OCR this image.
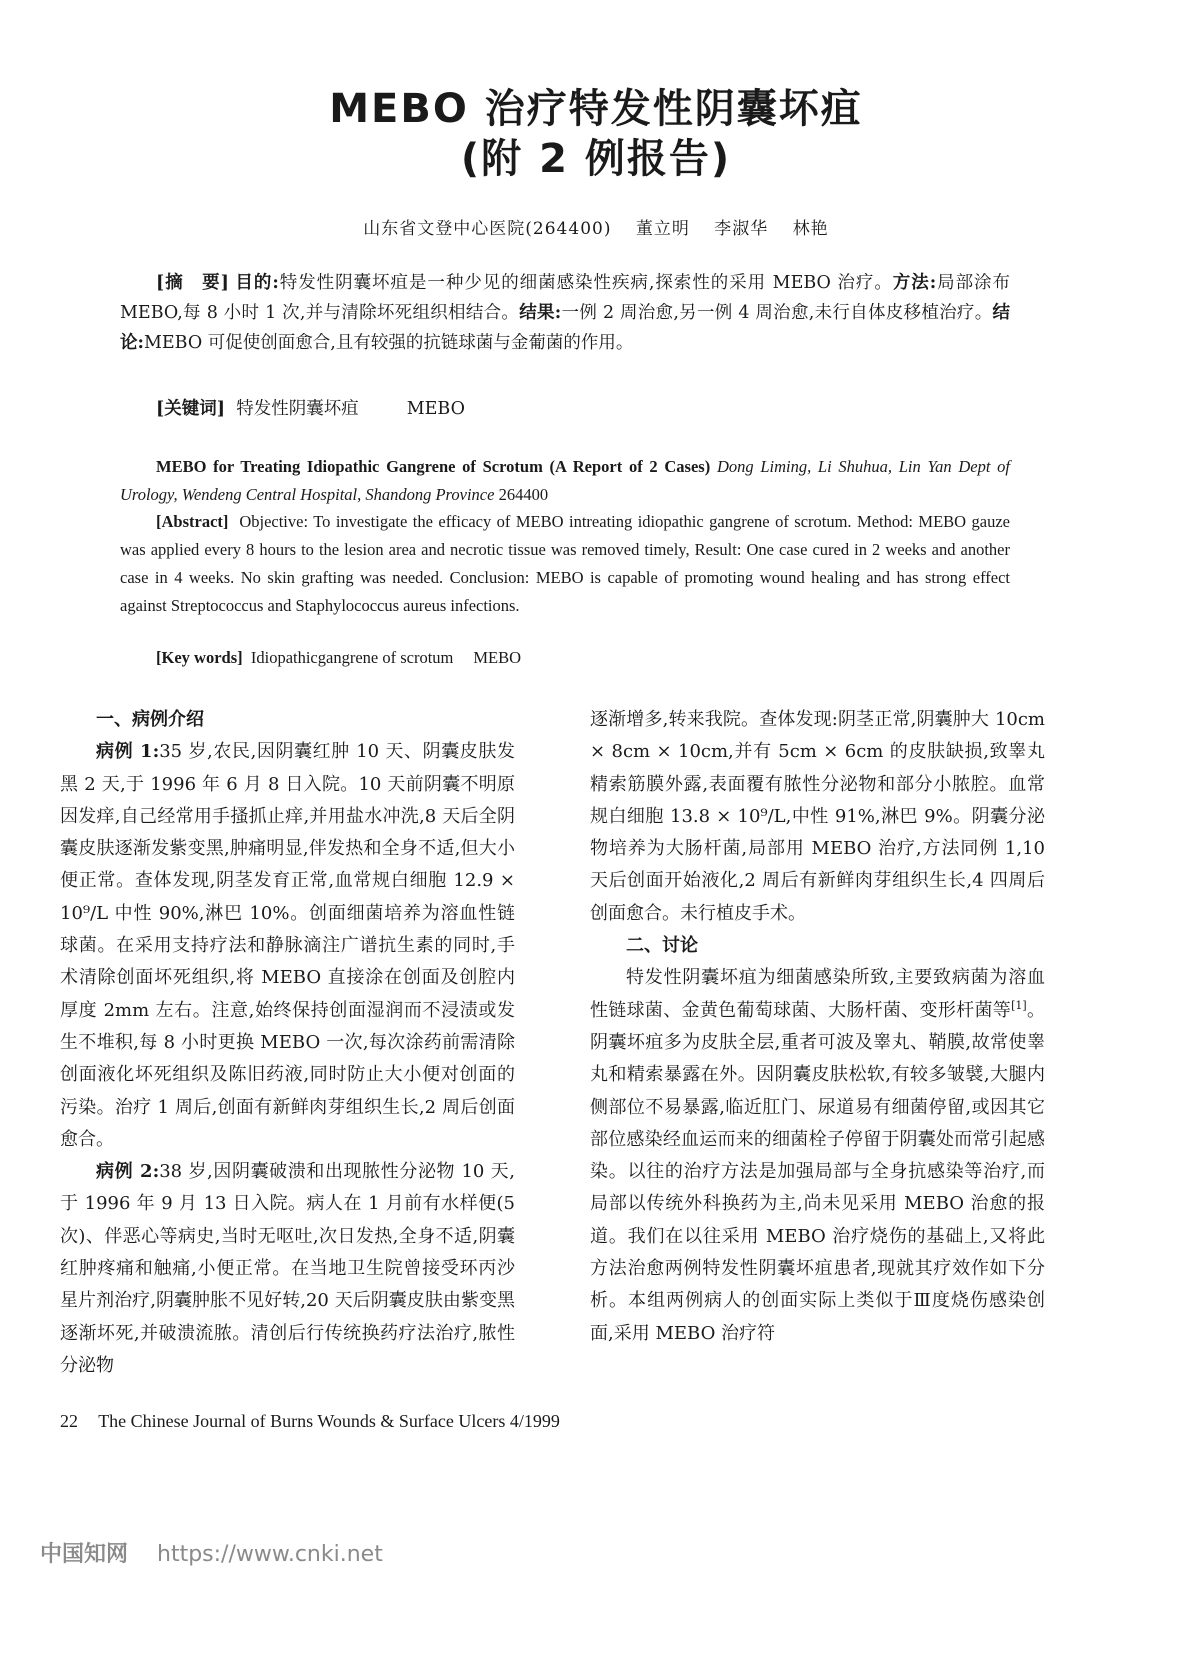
MEBO 治疗特发性阴囊坏疽
(附 2 例报告)
山东省文登中心医院(264400) 董立明 李淑华 林艳
[摘　要] 目的:特发性阴囊坏疽是一种少见的细菌感染性疾病,探索性的采用 MEBO 治疗。方法:局部涂布 MEBO,每 8 小时 1 次,并与清除坏死组织相结合。结果:一例 2 周治愈,另一例 4 周治愈,未行自体皮移植治疗。结论:MEBO 可促使创面愈合,且有较强的抗链球菌与金葡菌的作用。
[关键词] 特发性阴囊坏疽	MEBO
MEBO for Treating Idiopathic Gangrene of Scrotum (A Report of 2 Cases) Dong Liming, Li Shuhua, Lin Yan Dept of Urology, Wendeng Central Hospital, Shandong Province 264400
[Abstract] Objective: To investigate the efficacy of MEBO intreating idiopathic gangrene of scrotum. Method: MEBO gauze was applied every 8 hours to the lesion area and necrotic tissue was removed timely, Result: One case cured in 2 weeks and another case in 4 weeks. No skin grafting was needed. Conclusion: MEBO is capable of promoting wound healing and has strong effect against Streptococcus and Staphylococcus aureus infections.
[Key words] Idiopathicgangrene of scrotum MEBO
一、病例介绍

病例 1:35 岁,农民,因阴囊红肿 10 天、阴囊皮肤发黑 2 天,于 1996 年 6 月 8 日入院。10 天前阴囊不明原因发痒,自己经常用手搔抓止痒,并用盐水冲洗,8 天后全阴囊皮肤逐渐发紫变黑,肿痛明显,伴发热和全身不适,但大小便正常。查体发现,阴茎发育正常,血常规白细胞 12.9 × 10⁹/L 中性 90%,淋巴 10%。创面细菌培养为溶血性链球菌。在采用支持疗法和静脉滴注广谱抗生素的同时,手术清除创面坏死组织,将 MEBO 直接涂在创面及创腔内厚度 2mm 左右。注意,始终保持创面湿润而不浸渍或发生不堆积,每 8 小时更换 MEBO 一次,每次涂药前需清除创面液化坏死组织及陈旧药液,同时防止大小便对创面的污染。治疗 1 周后,创面有新鲜肉芽组织生长,2 周后创面愈合。

病例 2:38 岁,因阴囊破溃和出现脓性分泌物 10 天,于 1996 年 9 月 13 日入院。病人在 1 月前有水样便(5 次)、伴恶心等病史,当时无呕吐,次日发热,全身不适,阴囊红肿疼痛和触痛,小便正常。在当地卫生院曾接受环丙沙星片剂治疗,阴囊肿胀不见好转,20 天后阴囊皮肤由紫变黑逐渐坏死,并破溃流脓。清创后行传统换药疗法治疗,脓性分泌物

逐渐增多,转来我院。查体发现:阴茎正常,阴囊肿大 10cm × 8cm × 10cm,并有 5cm × 6cm 的皮肤缺损,致睾丸精索筋膜外露,表面覆有脓性分泌物和部分小脓腔。血常规白细胞 13.8 × 10⁹/L,中性 91%,淋巴 9%。阴囊分泌物培养为大肠杆菌,局部用 MEBO 治疗,方法同例 1,10 天后创面开始液化,2 周后有新鲜肉芽组织生长,4 四周后创面愈合。未行植皮手术。

二、讨论

特发性阴囊坏疽为细菌感染所致,主要致病菌为溶血性链球菌、金黄色葡萄球菌、大肠杆菌、变形杆菌等[1]。阴囊坏疽多为皮肤全层,重者可波及睾丸、鞘膜,故常使睾丸和精索暴露在外。因阴囊皮肤松软,有较多皱襞,大腿内侧部位不易暴露,临近肛门、尿道易有细菌停留,或因其它部位感染经血运而来的细菌栓子停留于阴囊处而常引起感染。以往的治疗方法是加强局部与全身抗感染等治疗,而局部以传统外科换药为主,尚未见采用 MEBO 治愈的报道。我们在以往采用 MEBO 治疗烧伤的基础上,又将此方法治愈两例特发性阴囊坏疽患者,现就其疗效作如下分析。本组两例病人的创面实际上类似于Ⅲ度烧伤感染创面,采用 MEBO 治疗符

22 The Chinese Journal of Burns Wounds & Surface Ulcers 4/1999
中国知网 https://www.cnki.net
